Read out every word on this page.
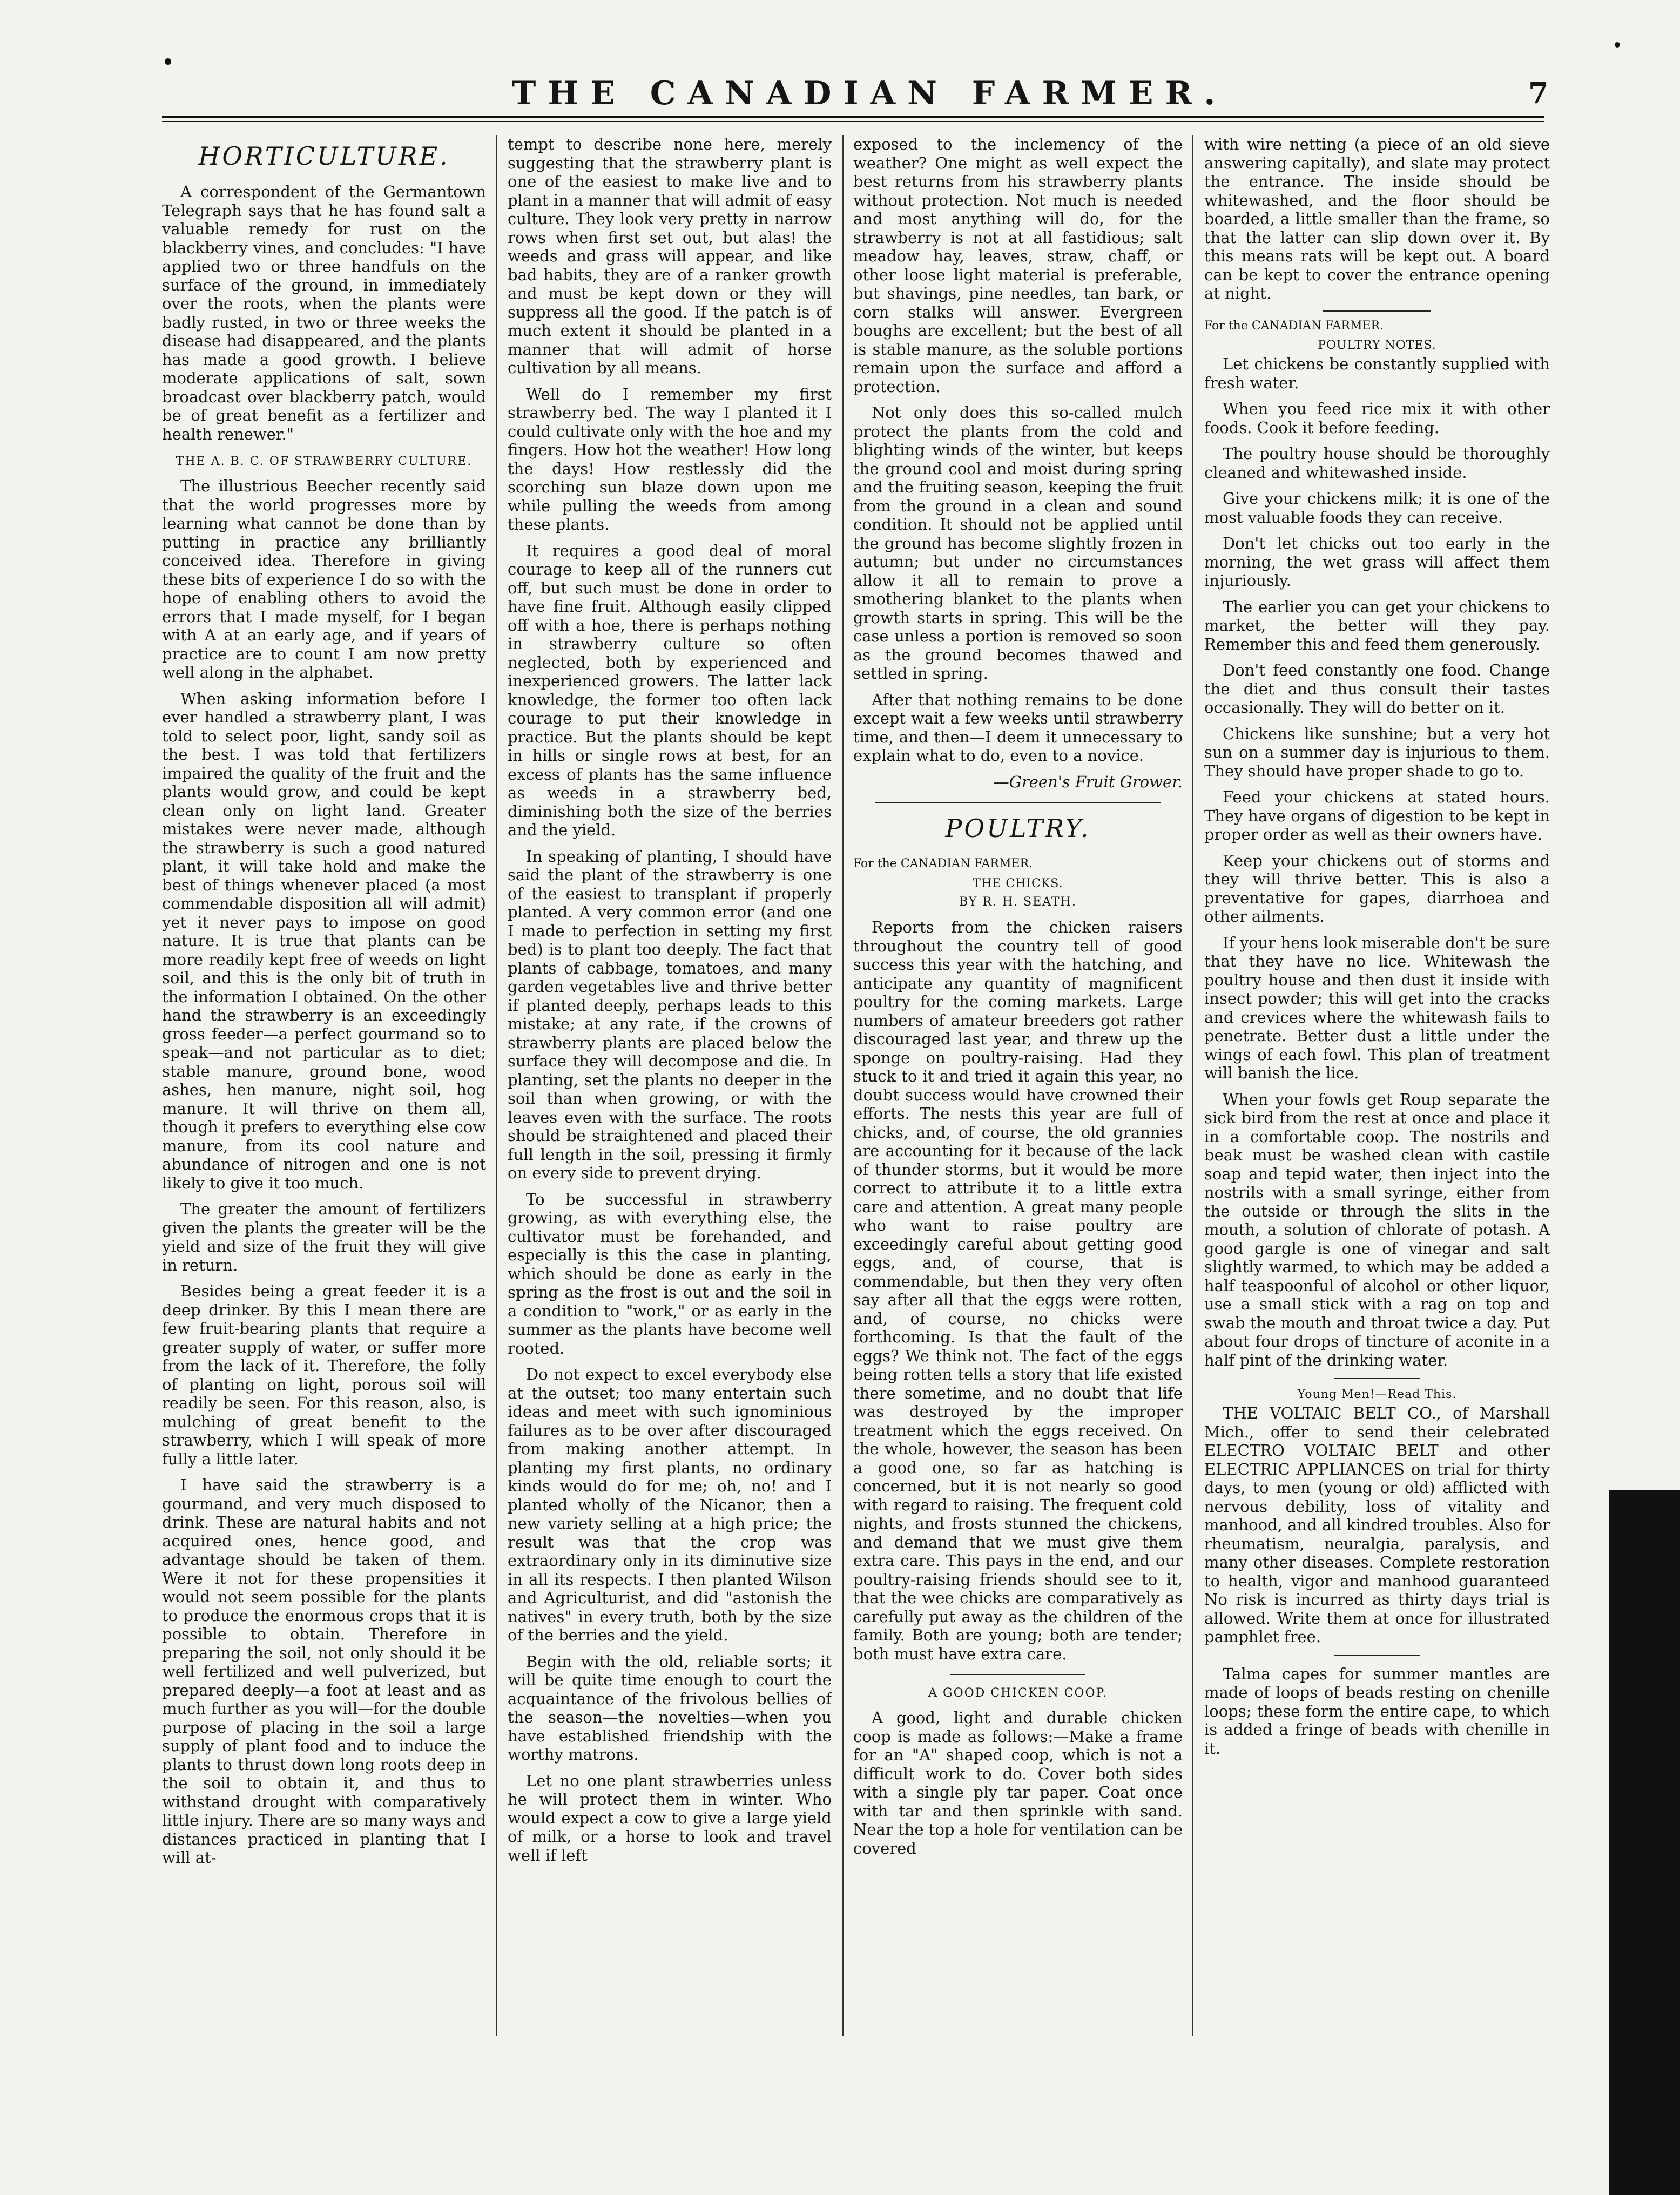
THE CANADIAN FARMER.	7
HORTICULTURE.

A correspondent of the Germantown Telegraph says that he has found salt a valuable remedy for rust on the blackberry vines, and concludes: "I have applied two or three handfuls on the surface of the ground, in immediately over the roots, when the plants were badly rusted, in two or three weeks the disease had disappeared, and the plants has made a good growth. I believe moderate applications of salt, sown broadcast over blackberry patch, would be of great benefit as a fertilizer and health renewer."

THE A. B. C. OF STRAWBERRY CULTURE.

The illustrious Beecher recently said that the world progresses more by learning what cannot be done than by putting in practice any brilliantly conceived idea. Therefore in giving these bits of experience I do so with the hope of enabling others to avoid the errors that I made myself, for I began with A at an early age, and if years of practice are to count I am now pretty well along in the alphabet.

When asking information before I ever handled a strawberry plant, I was told to select poor, light, sandy soil as the best. I was told that fertilizers impaired the quality of the fruit and the plants would grow, and could be kept clean only on light land. Greater mistakes were never made, although the strawberry is such a good natured plant, it will take hold and make the best of things whenever placed (a most commendable disposition all will admit) yet it never pays to impose on good nature. It is true that plants can be more readily kept free of weeds on light soil, and this is the only bit of truth in the information I obtained. On the other hand the strawberry is an exceedingly gross feeder—a perfect gourmand so to speak—and not particular as to diet; stable manure, ground bone, wood ashes, hen manure, night soil, hog manure. It will thrive on them all, though it prefers to everything else cow manure, from its cool nature and abundance of nitrogen and one is not likely to give it too much.

The greater the amount of fertilizers given the plants the greater will be the yield and size of the fruit they will give in return.

Besides being a great feeder it is a deep drinker. By this I mean there are few fruit-bearing plants that require a greater supply of water, or suffer more from the lack of it. Therefore, the folly of planting on light, porous soil will readily be seen. For this reason, also, is mulching of great benefit to the strawberry, which I will speak of more fully a little later.

I have said the strawberry is a gourmand, and very much disposed to drink. These are natural habits and not acquired ones, hence good, and advantage should be taken of them. Were it not for these propensities it would not seem possible for the plants to produce the enormous crops that it is possible to obtain. Therefore in preparing the soil, not only should it be well fertilized and well pulverized, but prepared deeply—a foot at least and as much further as you will—for the double purpose of placing in the soil a large supply of plant food and to induce the plants to thrust down long roots deep in the soil to obtain it, and thus to withstand drought with comparatively little injury. There are so many ways and distances practiced in planting that I will at-

tempt to describe none here, merely suggesting that the strawberry plant is one of the easiest to make live and to plant in a manner that will admit of easy culture. They look very pretty in narrow rows when first set out, but alas! the weeds and grass will appear, and like bad habits, they are of a ranker growth and must be kept down or they will suppress all the good. If the patch is of much extent it should be planted in a manner that will admit of horse cultivation by all means.

Well do I remember my first strawberry bed. The way I planted it I could cultivate only with the hoe and my fingers. How hot the weather! How long the days! How restlessly did the scorching sun blaze down upon me while pulling the weeds from among these plants.

It requires a good deal of moral courage to keep all of the runners cut off, but such must be done in order to have fine fruit. Although easily clipped off with a hoe, there is perhaps nothing in strawberry culture so often neglected, both by experienced and inexperienced growers. The latter lack knowledge, the former too often lack courage to put their knowledge in practice. But the plants should be kept in hills or single rows at best, for an excess of plants has the same influence as weeds in a strawberry bed, diminishing both the size of the berries and the yield.

In speaking of planting, I should have said the plant of the strawberry is one of the easiest to transplant if properly planted. A very common error (and one I made to perfection in setting my first bed) is to plant too deeply. The fact that plants of cabbage, tomatoes, and many garden vegetables live and thrive better if planted deeply, perhaps leads to this mistake; at any rate, if the crowns of strawberry plants are placed below the surface they will decompose and die. In planting, set the plants no deeper in the soil than when growing, or with the leaves even with the surface. The roots should be straightened and placed their full length in the soil, pressing it firmly on every side to prevent drying.

To be successful in strawberry growing, as with everything else, the cultivator must be forehanded, and especially is this the case in planting, which should be done as early in the spring as the frost is out and the soil in a condition to "work," or as early in the summer as the plants have become well rooted.

Do not expect to excel everybody else at the outset; too many entertain such ideas and meet with such ignominious failures as to be over after discouraged from making another attempt. In planting my first plants, no ordinary kinds would do for me; oh, no! and I planted wholly of the Nicanor, then a new variety selling at a high price; the result was that the crop was extraordinary only in its diminutive size in all its respects. I then planted Wilson and Agriculturist, and did "astonish the natives" in every truth, both by the size of the berries and the yield.

Begin with the old, reliable sorts; it will be quite time enough to court the acquaintance of the frivolous bellies of the season—the novelties—when you have established friendship with the worthy matrons.

Let no one plant strawberries unless he will protect them in winter. Who would expect a cow to give a large yield of milk, or a horse to look and travel well if left

exposed to the inclemency of the weather? One might as well expect the best returns from his strawberry plants without protection. Not much is needed and most anything will do, for the strawberry is not at all fastidious; salt meadow hay, leaves, straw, chaff, or other loose light material is preferable, but shavings, pine needles, tan bark, or corn stalks will answer. Evergreen boughs are excellent; but the best of all is stable manure, as the soluble portions remain upon the surface and afford a protection.

Not only does this so-called mulch protect the plants from the cold and blighting winds of the winter, but keeps the ground cool and moist during spring and the fruiting season, keeping the fruit from the ground in a clean and sound condition. It should not be applied until the ground has become slightly frozen in autumn; but under no circumstances allow it all to remain to prove a smothering blanket to the plants when growth starts in spring. This will be the case unless a portion is removed so soon as the ground becomes thawed and settled in spring.

After that nothing remains to be done except wait a few weeks until strawberry time, and then—I deem it unnecessary to explain what to do, even to a novice.

—Green's Fruit Grower.

POULTRY.
For the CANADIAN FARMER.
THE CHICKS.
BY R. H. SEATH.

Reports from the chicken raisers throughout the country tell of good success this year with the hatching, and anticipate any quantity of magnificent poultry for the coming markets. Large numbers of amateur breeders got rather discouraged last year, and threw up the sponge on poultry-raising. Had they stuck to it and tried it again this year, no doubt success would have crowned their efforts. The nests this year are full of chicks, and, of course, the old grannies are accounting for it because of the lack of thunder storms, but it would be more correct to attribute it to a little extra care and attention. A great many people who want to raise poultry are exceedingly careful about getting good eggs, and, of course, that is commendable, but then they very often say after all that the eggs were rotten, and, of course, no chicks were forthcoming. Is that the fault of the eggs? We think not. The fact of the eggs being rotten tells a story that life existed there sometime, and no doubt that life was destroyed by the improper treatment which the eggs received. On the whole, however, the season has been a good one, so far as hatching is concerned, but it is not nearly so good with regard to raising. The frequent cold nights, and frosts stunned the chickens, and demand that we must give them extra care. This pays in the end, and our poultry-raising friends should see to it, that the wee chicks are comparatively as carefully put away as the children of the family. Both are young; both are tender; both must have extra care.

A GOOD CHICKEN COOP.

A good, light and durable chicken coop is made as follows:—Make a frame for an "A" shaped coop, which is not a difficult work to do. Cover both sides with a single ply tar paper. Coat once with tar and then sprinkle with sand. Near the top a hole for ventilation can be covered

with wire netting (a piece of an old sieve answering capitally), and slate may protect the entrance. The inside should be whitewashed, and the floor should be boarded, a little smaller than the frame, so that the latter can slip down over it. By this means rats will be kept out. A board can be kept to cover the entrance opening at night.

For the CANADIAN FARMER.
POULTRY NOTES.

Let chickens be constantly supplied with fresh water.

When you feed rice mix it with other foods. Cook it before feeding.

The poultry house should be thoroughly cleaned and whitewashed inside.

Give your chickens milk; it is one of the most valuable foods they can receive.

Don't let chicks out too early in the morning, the wet grass will affect them injuriously.

The earlier you can get your chickens to market, the better will they pay. Remember this and feed them generously.

Don't feed constantly one food. Change the diet and thus consult their tastes occasionally. They will do better on it.

Chickens like sunshine; but a very hot sun on a summer day is injurious to them. They should have proper shade to go to.

Feed your chickens at stated hours. They have organs of digestion to be kept in proper order as well as their owners have.

Keep your chickens out of storms and they will thrive better. This is also a preventative for gapes, diarrhoea and other ailments.

If your hens look miserable don't be sure that they have no lice. Whitewash the poultry house and then dust it inside with insect powder; this will get into the cracks and crevices where the whitewash fails to penetrate. Better dust a little under the wings of each fowl. This plan of treatment will banish the lice.

When your fowls get Roup separate the sick bird from the rest at once and place it in a comfortable coop. The nostrils and beak must be washed clean with castile soap and tepid water, then inject into the nostrils with a small syringe, either from the outside or through the slits in the mouth, a solution of chlorate of potash. A good gargle is one of vinegar and salt slightly warmed, to which may be added a half teaspoonful of alcohol or other liquor, use a small stick with a rag on top and swab the mouth and throat twice a day. Put about four drops of tincture of aconite in a half pint of the drinking water.

Young Men!—Read This.

THE VOLTAIC BELT CO., of Marshall Mich., offer to send their celebrated ELECTRO VOLTAIC BELT and other ELECTRIC APPLIANCES on trial for thirty days, to men (young or old) afflicted with nervous debility, loss of vitality and manhood, and all kindred troubles. Also for rheumatism, neuralgia, paralysis, and many other diseases. Complete restoration to health, vigor and manhood guaranteed No risk is incurred as thirty days trial is allowed. Write them at once for illustrated pamphlet free.

Talma capes for summer mantles are made of loops of beads resting on chenille loops; these form the entire cape, to which is added a fringe of beads with chenille in it.
